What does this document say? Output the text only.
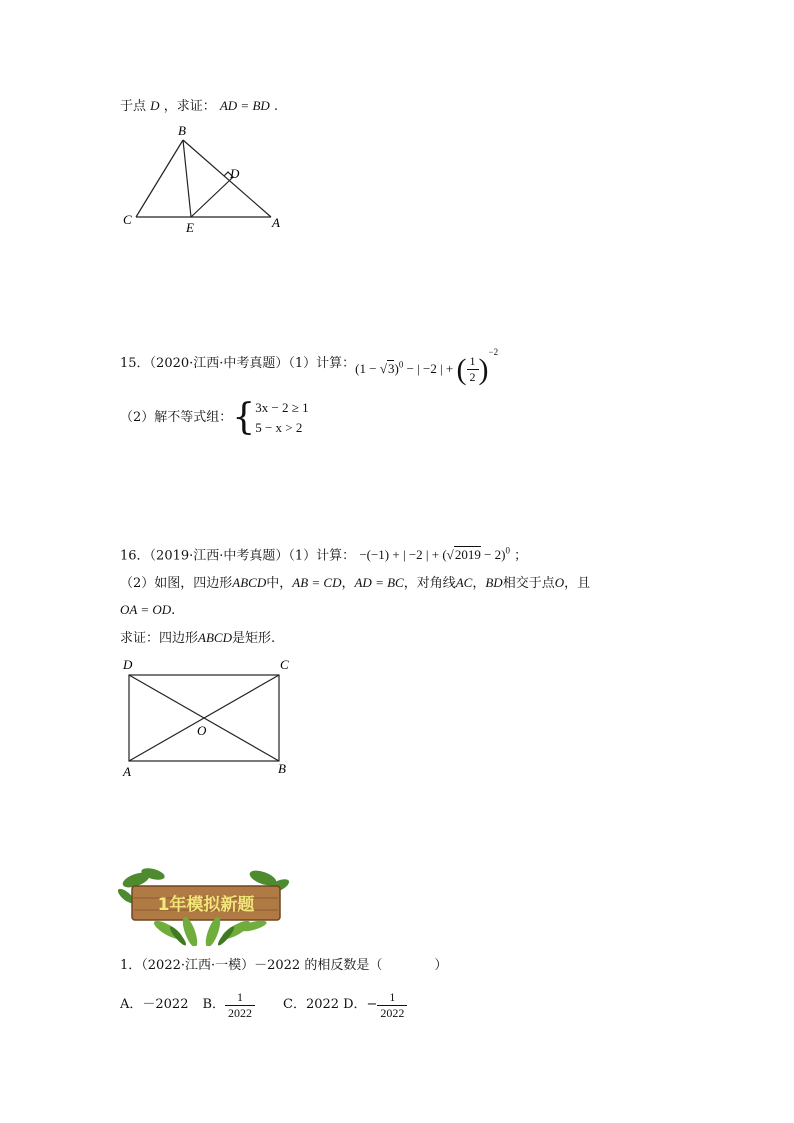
于点 D ，求证： AD = BD .
B
C
E	A
D
15．（2020·江西·中考真题）（1）计算： $(1 - √3)^0$ − | −2 | + ( $\frac{1}{2} )^{-2}$
（2）解不等式组： { 3x − 2 ≥ 1
5 − x > 2
16．（2019·江西·中考真题）（1）计算： −(−1) + | −2 | + $(√2019 - 2)^0$ ；
（2）如图，四边形ABCD中，AB = CD，AD = BC，对角线AC，BD相交于点O，且
OA = OD.
求证：四边形ABCD是矩形.
D	C
O
A	B
1年模拟新题
1．（2022·江西·一模）－2022 的相反数是（　　　　）
A．－2022 B． $\frac{1}{2022}$ C．2022 D．− $\frac{1}{2022}$
